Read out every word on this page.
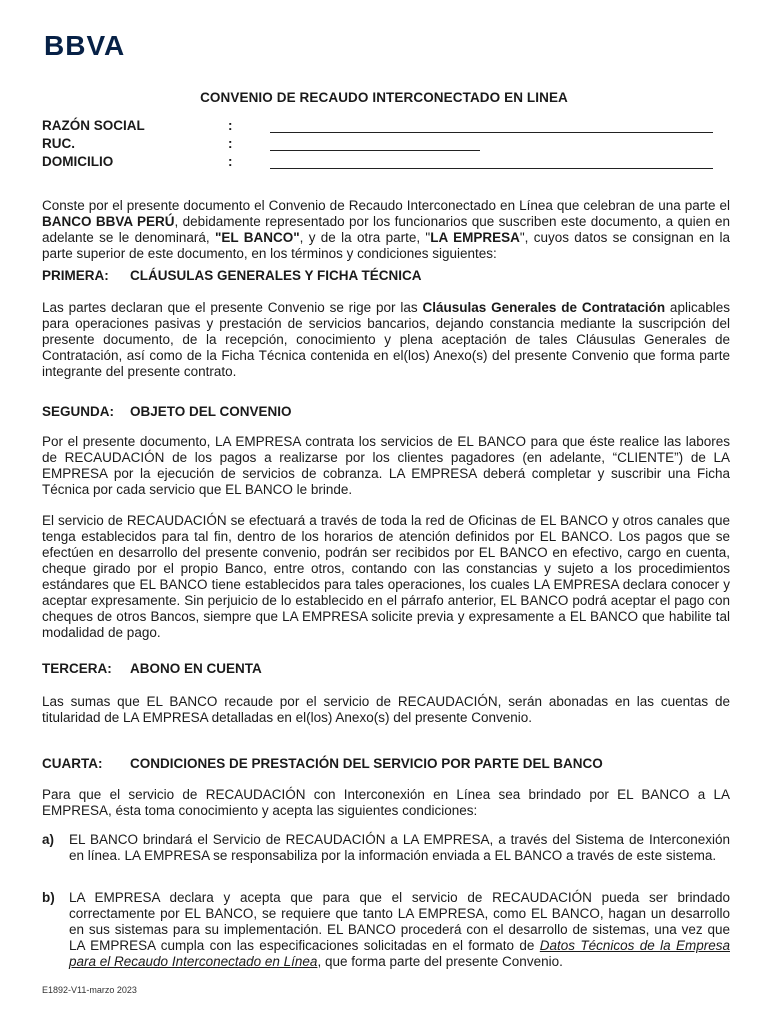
BBVA
CONVENIO DE RECAUDO INTERCONECTADO EN LINEA
RAZÓN SOCIAL	:
RUC.	:
DOMICILIO	:

Conste por el presente documento el Convenio de Recaudo Interconectado en Línea que celebran de una parte el BANCO BBVA PERÚ, debidamente representado por los funcionarios que suscriben este documento, a quien en adelante se le denominará, "EL BANCO", y de la otra parte, "LA EMPRESA", cuyos datos se consignan en la parte superior de este documento, en los términos y condiciones siguientes:

PRIMERA: CLÁUSULAS GENERALES Y FICHA TÉCNICA

Las partes declaran que el presente Convenio se rige por las Cláusulas Generales de Contratación aplicables para operaciones pasivas y prestación de servicios bancarios, dejando constancia mediante la suscripción del presente documento, de la recepción, conocimiento y plena aceptación de tales Cláusulas Generales de Contratación, así como de la Ficha Técnica contenida en el(los) Anexo(s) del presente Convenio que forma parte integrante del presente contrato.

SEGUNDA: OBJETO DEL CONVENIO

Por el presente documento, LA EMPRESA contrata los servicios de EL BANCO para que éste realice las labores de RECAUDACIÓN de los pagos a realizarse por los clientes pagadores (en adelante, “CLIENTE”) de LA EMPRESA por la ejecución de servicios de cobranza. LA EMPRESA deberá completar y suscribir una Ficha Técnica por cada servicio que EL BANCO le brinde.

El servicio de RECAUDACIÓN se efectuará a través de toda la red de Oficinas de EL BANCO y otros canales que tenga establecidos para tal fin, dentro de los horarios de atención definidos por EL BANCO. Los pagos que se efectúen en desarrollo del presente convenio, podrán ser recibidos por EL BANCO en efectivo, cargo en cuenta, cheque girado por el propio Banco, entre otros, contando con las constancias y sujeto a los procedimientos estándares que EL BANCO tiene establecidos para tales operaciones, los cuales LA EMPRESA declara conocer y aceptar expresamente. Sin perjuicio de lo establecido en el párrafo anterior, EL BANCO podrá aceptar el pago con cheques de otros Bancos, siempre que LA EMPRESA solicite previa y expresamente a EL BANCO que habilite tal modalidad de pago.

TERCERA: ABONO EN CUENTA

Las sumas que EL BANCO recaude por el servicio de RECAUDACIÓN, serán abonadas en las cuentas de titularidad de LA EMPRESA detalladas en el(los) Anexo(s) del presente Convenio.

CUARTA: CONDICIONES DE PRESTACIÓN DEL SERVICIO POR PARTE DEL BANCO

Para que el servicio de RECAUDACIÓN con Interconexión en Línea sea brindado por EL BANCO a LA EMPRESA, ésta toma conocimiento y acepta las siguientes condiciones:

a) EL BANCO brindará el Servicio de RECAUDACIÓN a LA EMPRESA, a través del Sistema de Interconexión en línea. LA EMPRESA se responsabiliza por la información enviada a EL BANCO a través de este sistema.
b) LA EMPRESA declara y acepta que para que el servicio de RECAUDACIÓN pueda ser brindado correctamente por EL BANCO, se requiere que tanto LA EMPRESA, como EL BANCO, hagan un desarrollo en sus sistemas para su implementación. EL BANCO procederá con el desarrollo de sistemas, una vez que LA EMPRESA cumpla con las especificaciones solicitadas en el formato de Datos Técnicos de la Empresa para el Recaudo Interconectado en Línea, que forma parte del presente Convenio.
E1892-V11-marzo 2023
